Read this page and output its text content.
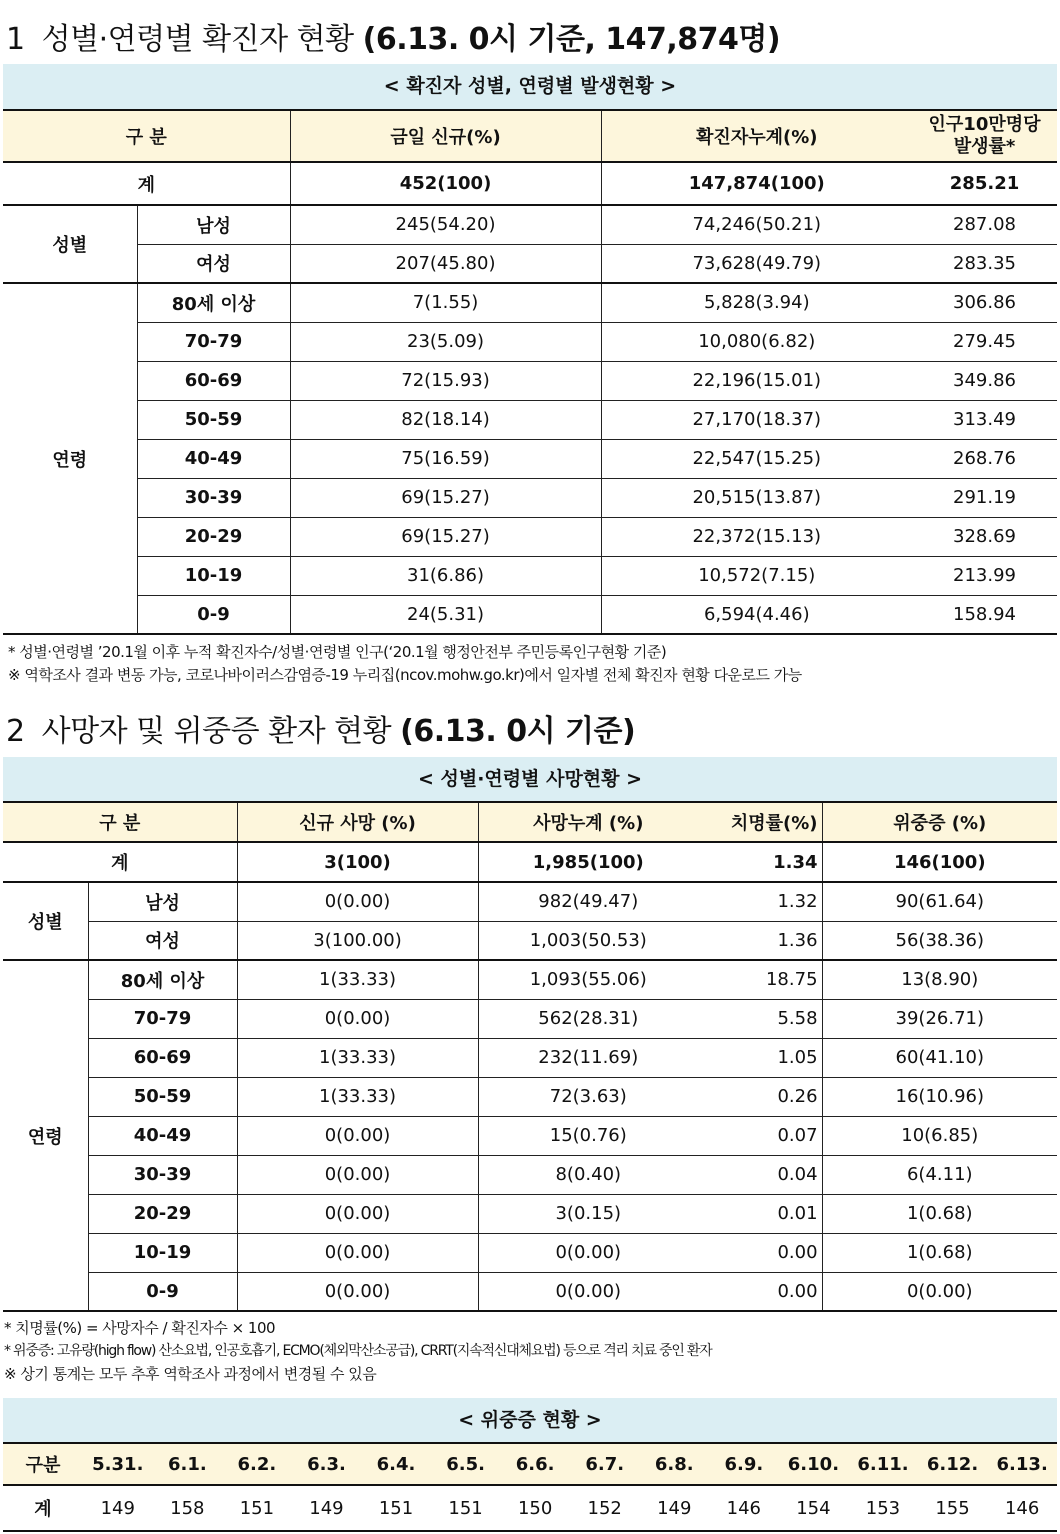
1 성별·연령별 확진자 현황 (6.13. 0시 기준, 147,874명)
< 확진자 성별, 연령별 발생현황 >
구 분		금일 신규(%)	확진자누계(%)	인구10만명당 발생률*
계		452(100)	147,874(100)	285.21
성별	남성	245(54.20)	74,246(50.21)	287.08
	여성	207(45.80)	73,628(49.79)	283.35
연령	80세 이상	7(1.55)	5,828(3.94)	306.86
	70-79	23(5.09)	10,080(6.82)	279.45
	60-69	72(15.93)	22,196(15.01)	349.86
	50-59	82(18.14)	27,170(18.37)	313.49
	40-49	75(16.59)	22,547(15.25)	268.76
	30-39	69(15.27)	20,515(13.87)	291.19
	20-29	69(15.27)	22,372(15.13)	328.69
	10-19	31(6.86)	10,572(7.15)	213.99
	0-9	24(5.31)	6,594(4.46)	158.94
* 성별·연령별 ’20.1월 이후 누적 확진자수/성별·연령별 인구(‘20.1월 행정안전부 주민등록인구현황 기준)
※ 역학조사 결과 변동 가능, 코로나바이러스감염증-19 누리집(ncov.mohw.go.kr)에서 일자별 전체 확진자 현황 다운로드 가능
2 사망자 및 위중증 환자 현황 (6.13. 0시 기준)
< 성별·연령별 사망현황 >
구 분		신규 사망 (%)	사망누계 (%)	치명률(%)	위중증 (%)
계		3(100)	1,985(100)	1.34	146(100)
성별	남성	0(0.00)	982(49.47)	1.32	90(61.64)
	여성	3(100.00)	1,003(50.53)	1.36	56(38.36)
연령	80세 이상	1(33.33)	1,093(55.06)	18.75	13(8.90)
	70-79	0(0.00)	562(28.31)	5.58	39(26.71)
	60-69	1(33.33)	232(11.69)	1.05	60(41.10)
	50-59	1(33.33)	72(3.63)	0.26	16(10.96)
	40-49	0(0.00)	15(0.76)	0.07	10(6.85)
	30-39	0(0.00)	8(0.40)	0.04	6(4.11)
	20-29	0(0.00)	3(0.15)	0.01	1(0.68)
	10-19	0(0.00)	0(0.00)	0.00	1(0.68)
	0-9	0(0.00)	0(0.00)	0.00	0(0.00)
* 치명률(%) = 사망자수 / 확진자수 × 100
* 위중증: 고유량(high flow) 산소요법, 인공호흡기, ECMO(체외막산소공급), CRRT(지속적신대체요법) 등으로 격리 치료 중인 환자
※ 상기 통계는 모두 추후 역학조사 과정에서 변경될 수 있음
< 위중증 현황 >
구분	5.31.	6.1.	6.2.	6.3.	6.4.	6.5.	6.6.	6.7.	6.8.	6.9.	6.10.	6.11.	6.12.	6.13.
계	149	158	151	149	151	151	150	152	149	146	154	153	155	146
